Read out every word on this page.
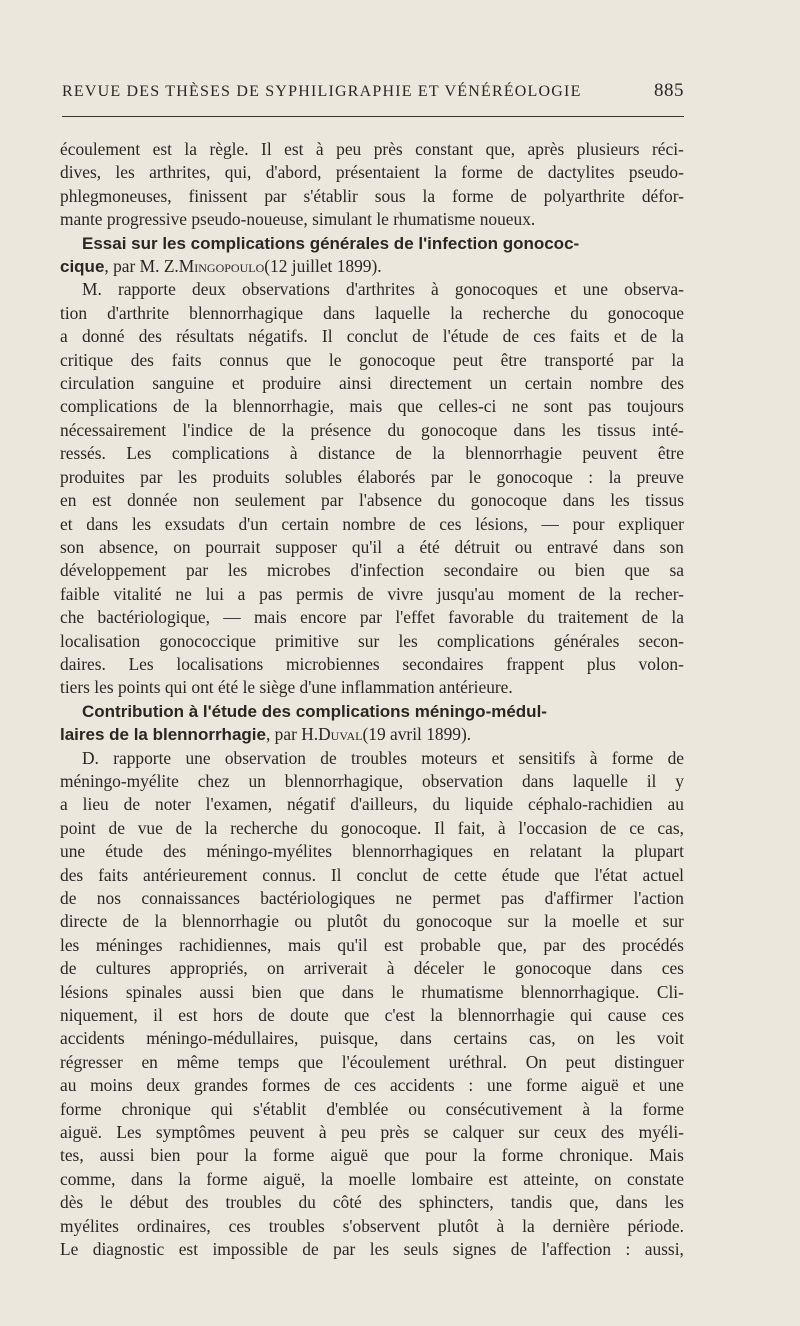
REVUE DES THÈSES DE SYPHILIGRAPHIE ET VÉNÉRÉOLOGIE	885
écoulement est la règle. Il est à peu près constant que, après plusieurs réci-
dives, les arthrites, qui, d'abord, présentaient la forme de dactylites pseudo-
phlegmoneuses, finissent par s'établir sous la forme de polyarthrite défor-
mante progressive pseudo-noueuse, simulant le rhumatisme noueux.
Essai sur les complications générales de l'infection gonococ-
cique , par M. Z. Mingopoulo (12 juillet 1899).
M. rapporte deux observations d'arthrites à gonocoques et une observa-
tion d'arthrite blennorrhagique dans laquelle la recherche du gonocoque
a donné des résultats négatifs. Il conclut de l'étude de ces faits et de la
critique des faits connus que le gonocoque peut être transporté par la
circulation sanguine et produire ainsi directement un certain nombre des
complications de la blennorrhagie, mais que celles-ci ne sont pas toujours
nécessairement l'indice de la présence du gonocoque dans les tissus inté-
ressés. Les complications à distance de la blennorrhagie peuvent être
produites par les produits solubles élaborés par le gonocoque : la preuve
en est donnée non seulement par l'absence du gonocoque dans les tissus
et dans les exsudats d'un certain nombre de ces lésions, — pour expliquer
son absence, on pourrait supposer qu'il a été détruit ou entravé dans son
développement par les microbes d'infection secondaire ou bien que sa
faible vitalité ne lui a pas permis de vivre jusqu'au moment de la recher-
che bactériologique, — mais encore par l'effet favorable du traitement de la
localisation gonococcique primitive sur les complications générales secon-
daires. Les localisations microbiennes secondaires frappent plus volon-
tiers les points qui ont été le siège d'une inflammation antérieure.
Contribution à l'étude des complications méningo-médul-
laires de la blennorrhagie , par H. Duval (19 avril 1899).
D. rapporte une observation de troubles moteurs et sensitifs à forme de
méningo-myélite chez un blennorrhagique, observation dans laquelle il y
a lieu de noter l'examen, négatif d'ailleurs, du liquide céphalo-rachidien au
point de vue de la recherche du gonocoque. Il fait, à l'occasion de ce cas,
une étude des méningo-myélites blennorrhagiques en relatant la plupart
des faits antérieurement connus. Il conclut de cette étude que l'état actuel
de nos connaissances bactériologiques ne permet pas d'affirmer l'action
directe de la blennorrhagie ou plutôt du gonocoque sur la moelle et sur
les méninges rachidiennes, mais qu'il est probable que, par des procédés
de cultures appropriés, on arriverait à déceler le gonocoque dans ces
lésions spinales aussi bien que dans le rhumatisme blennorrhagique. Cli-
niquement, il est hors de doute que c'est la blennorrhagie qui cause ces
accidents méningo-médullaires, puisque, dans certains cas, on les voit
régresser en même temps que l'écoulement uréthral. On peut distinguer
au moins deux grandes formes de ces accidents : une forme aiguë et une
forme chronique qui s'établit d'emblée ou consécutivement à la forme
aiguë. Les symptômes peuvent à peu près se calquer sur ceux des myéli-
tes, aussi bien pour la forme aiguë que pour la forme chronique. Mais
comme, dans la forme aiguë, la moelle lombaire est atteinte, on constate
dès le début des troubles du côté des sphincters, tandis que, dans les
myélites ordinaires, ces troubles s'observent plutôt à la dernière période.
Le diagnostic est impossible de par les seuls signes de l'affection : aussi,
